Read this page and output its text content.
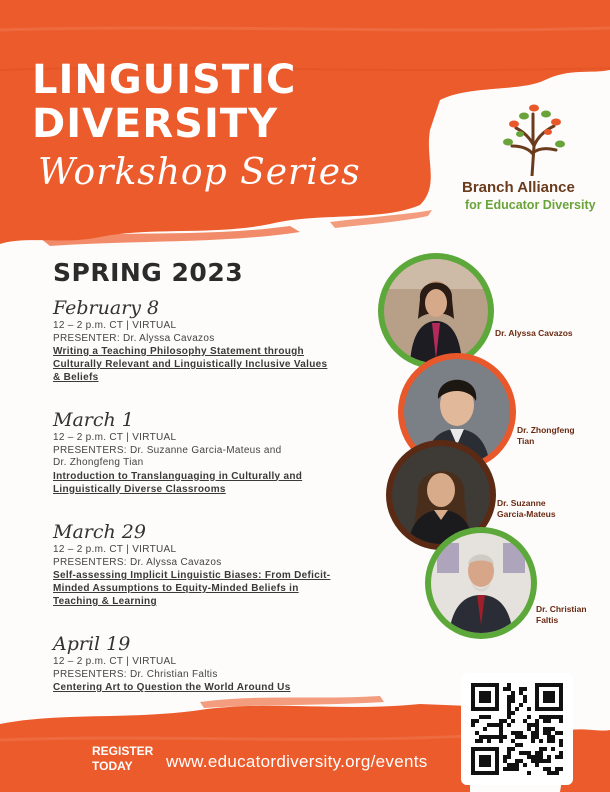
LINGUISTIC
DIVERSITY
Workshop Series	Branch Alliance
for Educator Diversity
SPRING 2023
February 8
12 – 2 p.m. CT | VIRTUAL
PRESENTER: Dr. Alyssa Cavazos
Writing a Teaching Philosophy Statement through
Culturally Relevant and Linguistically Inclusive Values
& Beliefs
March 1
12 – 2 p.m. CT | VIRTUAL
PRESENTERS: Dr. Suzanne Garcia-Mateus and
Dr. Zhongfeng Tian
Introduction to Translanguaging in Culturally and
Linguistically Diverse Classrooms
March 29
12 – 2 p.m. CT | VIRTUAL
PRESENTERS: Dr. Alyssa Cavazos
Self-assessing Implicit Linguistic Biases: From Deficit-
Minded Assumptions to Equity-Minded Beliefs in
Teaching & Learning
April 19
12 – 2 p.m. CT | VIRTUAL
PRESENTERS: Dr. Christian Faltis
Centering Art to Question the World Around Us
Dr. Alyssa Cavazos
Dr. Zhongfeng
Tian
Dr. Suzanne
Garcia-Mateus
Dr. Christian
Faltis
REGISTER
TODAY	www.educatordiversity.org/events
